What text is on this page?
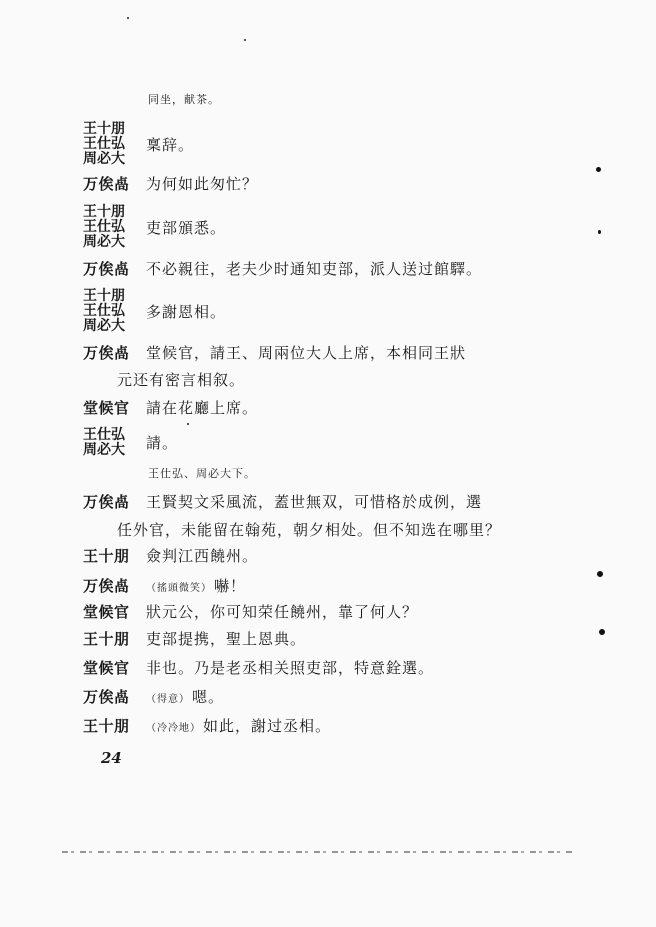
同坐，献茶。
王十朋
王仕弘
周必大
稟辞。
万俟卨 为何如此匆忙？
王十朋
王仕弘
周必大
吏部頒悉。
万俟卨 不必親往，老夫少时通知吏部，派人送过館驛。
王十朋
王仕弘
周必大
多謝恩相。
万俟卨 堂候官，請王、周兩位大人上席，本相同王狀
元还有密言相叙。
堂候官 請在花廳上席。
王仕弘
周必大 請。
王仕弘、周必大下。
万俟卨 王賢契文采風流，蓋世無双，可惜格於成例，選
任外官，未能留在翰苑，朝夕相处。但不知选在哪里？
王十朋 僉判江西饒州。
万俟卨 （搖頭微笑） 嚇！
堂候官 狀元公，你可知荣任饒州，靠了何人？
王十朋 吏部提携，聖上恩典。
堂候官 非也。乃是老丞相关照吏部，特意銓選。
万俟卨 （得意） 嗯。
王十朋 （冷冷地） 如此，謝过丞相。
24
